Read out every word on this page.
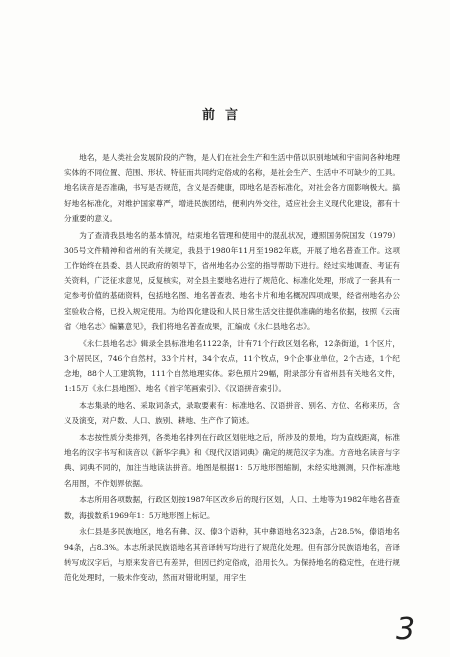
前言

地名，是人类社会发展阶段的产物，是人们在社会生产和生活中借以识别地域和宇宙间各种地理实体的不同位置、范围、形状、特征而共同约定俗成的名称，是社会生产、生活中不可缺少的工具。地名读音是否准确，书写是否规范，含义是否健康，即地名是否标准化，对社会各方面影响极大。搞好地名标准化，对维护国家尊严，增进民族团结，便利内外交往，适应社会主义现代化建设，都有十分重要的意义。

为了查清我县地名的基本情况，结束地名管理和使用中的混乱状况，遵照国务院国发（1979）305号文件精神和省州的有关规定，我县于1980年11月至1982年底，开展了地名普查工作。这项工作始终在县委、县人民政府的领导下，省州地名办公室的指导帮助下进行。经过实地调查、考证有关资料，广泛征求意见，反复核实，对全县主要地名进行了规范化、标准化处理，形成了一套具有一定参考价值的基础资料，包括地名图、地名普查表、地名卡片和地名概况四项成果，经省州地名办公室验收合格，已投入规定使用。为给四化建设和人民日常生活交往提供准确的地名依据，按照《云南省〈地名志〉编纂意见》，我们将地名普查成果，汇编成《永仁县地名志》。

《永仁县地名志》辑录全县标准地名1122条，计有71个行政区划名称，12条街道，1个区片，3个居民区，746个自然村，33个片村，34个农点，11个牧点，9个企事业单位，2个古迹，1个纪念地，88个人工建筑物，111个自然地理实体。彩色照片29幅，附录部分有省州县有关地名文件，1:15万《永仁县地图》、地名《首字笔画索引》、《汉语拼音索引》。

本志集录的地名、采取词条式，录取要素有：标准地名、汉语拼音、别名、方位、名称来历，含义及演变，对户数、人口、族别、耕地、生产作了简述。

本志按性质分类排列，各类地名排列在行政区划驻地之后，所涉及的景地，均为直线距离，标准地名的汉字书写和读音以《新华字典》和《现代汉语词典》确定的规范汉字为准。方音地名读音与字典、词典不同的，加注当地读法拼音。地图是根据1：5万地形图缩制，未经实地测测，只作标准地名用图，不作划界依据。

本志所用各项数据，行政区划按1987年区改乡后的现行区划，人口、土地等为1982年地名普查数，海拔数系1969年1：5万地形图上标记。

永仁县是多民族地区，地名有彝、汉、傣3个语种，其中彝语地名323条，占28.5%，傣语地名94条，占8.3%。本志所录民族语地名其音译转写均进行了规范化处理。但有部分民族语地名，音译转写成汉字后，与原来发音已有差异，但因已约定俗成，沿用长久。为保持地名的稳定性，在进行规范化处理时，一般未作变动，然而对错讹明显，用字生

3
